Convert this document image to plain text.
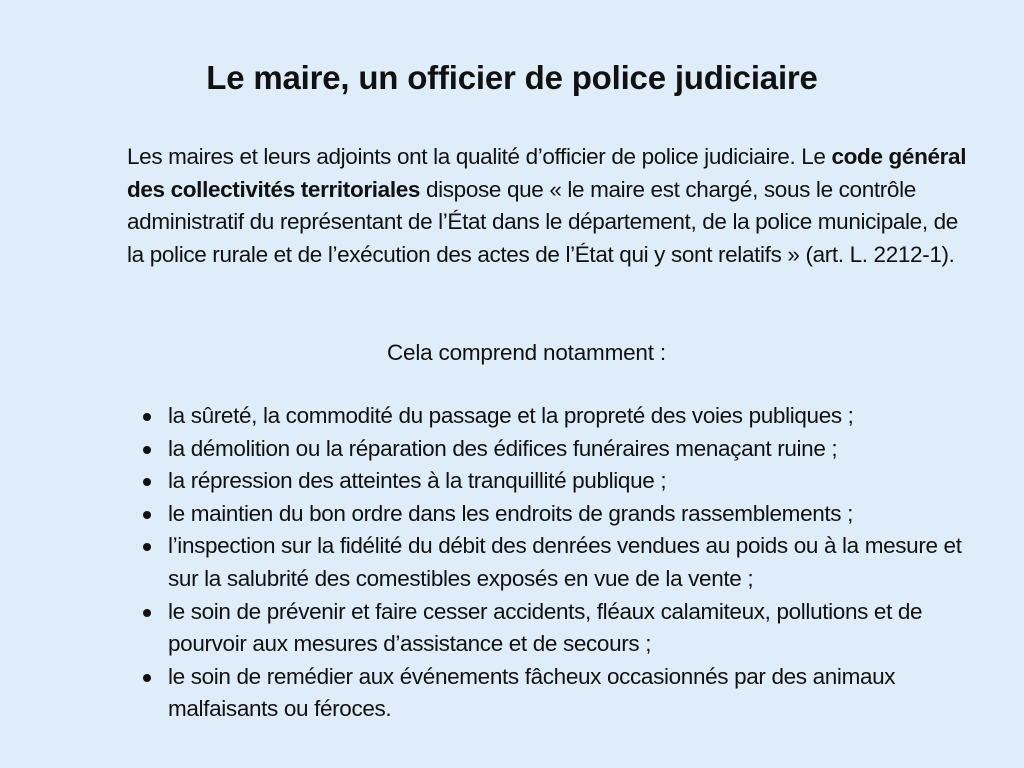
Le maire, un officier de police judiciaire

Les maires et leurs adjoints ont la qualité d’officier de police judiciaire. Le code général des collectivités territoriales dispose que « le maire est chargé, sous le contrôle administratif du représentant de l’État dans le département, de la police municipale, de la police rurale et de l’exécution des actes de l’État qui y sont relatifs » (art. L. 2212-1).

Cela comprend notamment :

la sûreté, la commodité du passage et la propreté des voies publiques ;
la démolition ou la réparation des édifices funéraires menaçant ruine ;
la répression des atteintes à la tranquillité publique ;
le maintien du bon ordre dans les endroits de grands rassemblements ;
l’inspection sur la fidélité du débit des denrées vendues au poids ou à la mesure et sur la salubrité des comestibles exposés en vue de la vente ;
le soin de prévenir et faire cesser accidents, fléaux calamiteux, pollutions et de pourvoir aux mesures d’assistance et de secours ;
le soin de remédier aux événements fâcheux occasionnés par des animaux malfaisants ou féroces.
